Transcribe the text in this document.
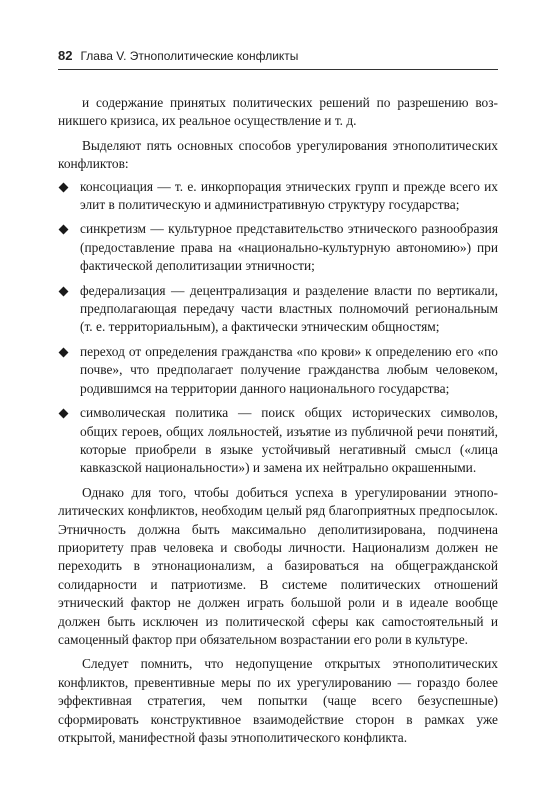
82 Глава V. Этнополитические конфликты

и содержание принятых политических решений по разрешению возникшего кризиса, их реальное осуществление и т. д.

Выделяют пять основных способов урегулирования этнополитических конфликтов:

консоциация — т. е. инкорпорация этнических групп и прежде всего их элит в политическую и административную структуру государства;
синкретизм — культурное представительство этнического разнообразия (предоставление права на «национально-культурную автономию») при фактической деполитизации этничности;
федерализация — децентрализация и разделение власти по вертикали, предполагающая передачу части властных полномочий региональным (т. е. территориальным), а фактически этническим общностям;
переход от определения гражданства «по крови» к определению его «по почве», что предполагает получение гражданства любым человеком, родившимся на территории данного национального государства;
символическая политика — поиск общих исторических символов, общих героев, общих лояльностей, изъятие из публичной речи понятий, которые приобрели в языке устойчивый негативный смысл («лица кавказской национальности») и замена их нейтрально окрашенными.

Однако для того, чтобы добиться успеха в урегулировании этнополитических конфликтов, необходим целый ряд благоприятных предпосылок. Этничность должна быть максимально деполитизирована, подчинена приоритету прав человека и свободы личности. Национализм должен не переходить в этнонационализм, а базироваться на общегражданской солидарности и патриотизме. В системе политических отношений этнический фактор не должен играть большой роли и в идеале вообще должен быть исключен из политической сферы как саmостоятельный и самоценный фактор при обязательном возрастании его роли в культуре.

Следует помнить, что недопущение открытых этнополитических конфликтов, превентивные меры по их урегулированию — гораздо более эффективная стратегия, чем попытки (чаще всего безуспешные) сформировать конструктивное взаимодействие сторон в рамках уже открытой, манифестной фазы этнополитического конфликта.
